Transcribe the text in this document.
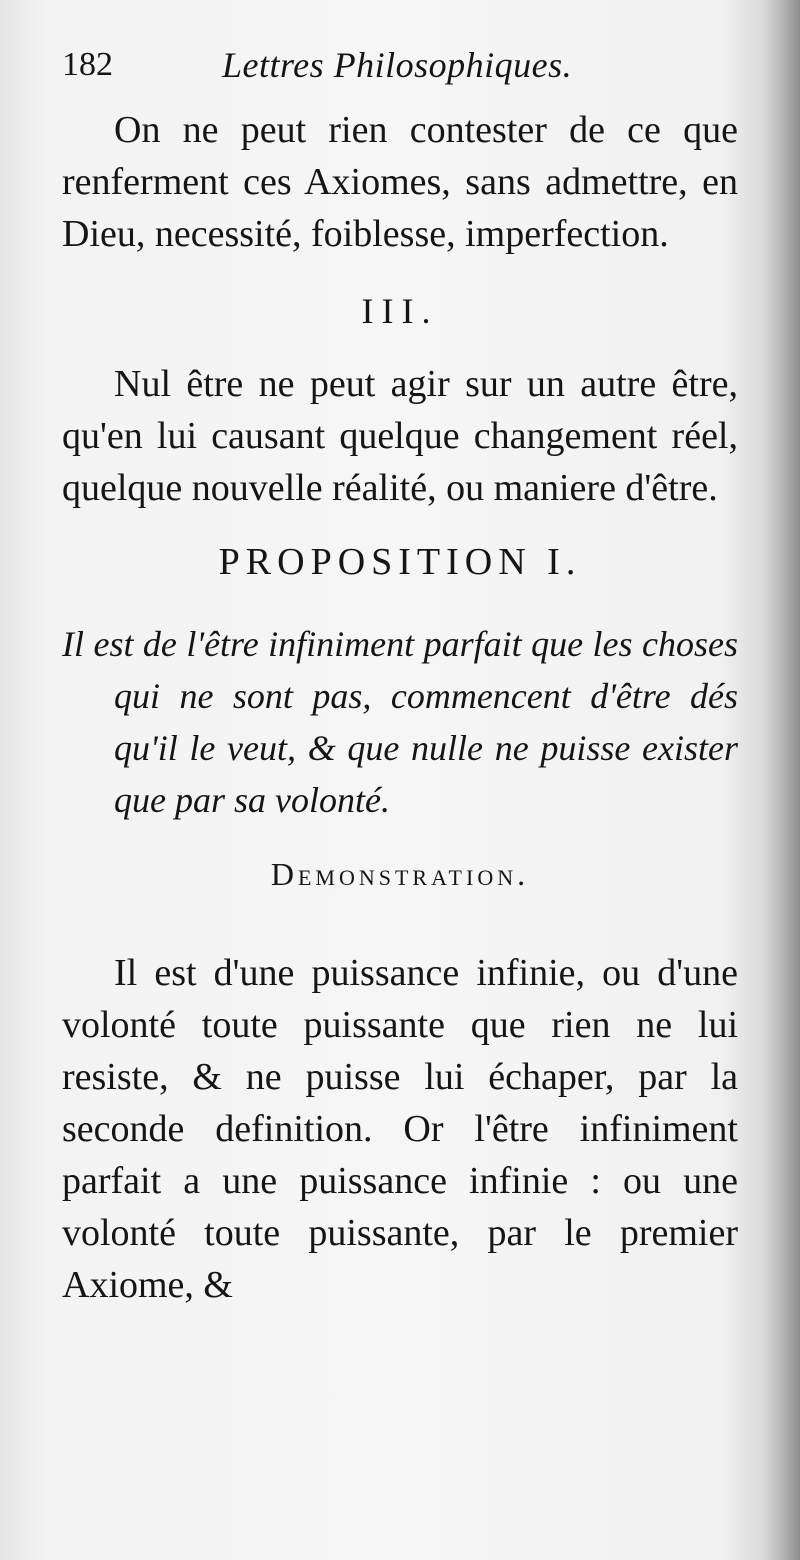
182	Lettres Philosophiques.

On ne peut rien contester de ce que renferment ces Axiomes, sans admettre, en Dieu, necessité, foiblesse, imperfection.

III.

Nul être ne peut agir sur un autre être, qu'en lui causant quelque changement réel, quelque nouvelle réalité, ou maniere d'être.

PROPOSITION I.

Il est de l'être infiniment parfait que les choses qui ne sont pas, commencent d'être dés qu'il le veut, & que nulle ne puisse exister que par sa volonté.

Demonstration.

Il est d'une puissance infinie, ou d'une volonté toute puissante que rien ne lui resiste, & ne puisse lui échaper, par la seconde definition. Or l'être infiniment parfait a une puissance infinie : ou une volonté toute puissante, par le premier Axiome, &
